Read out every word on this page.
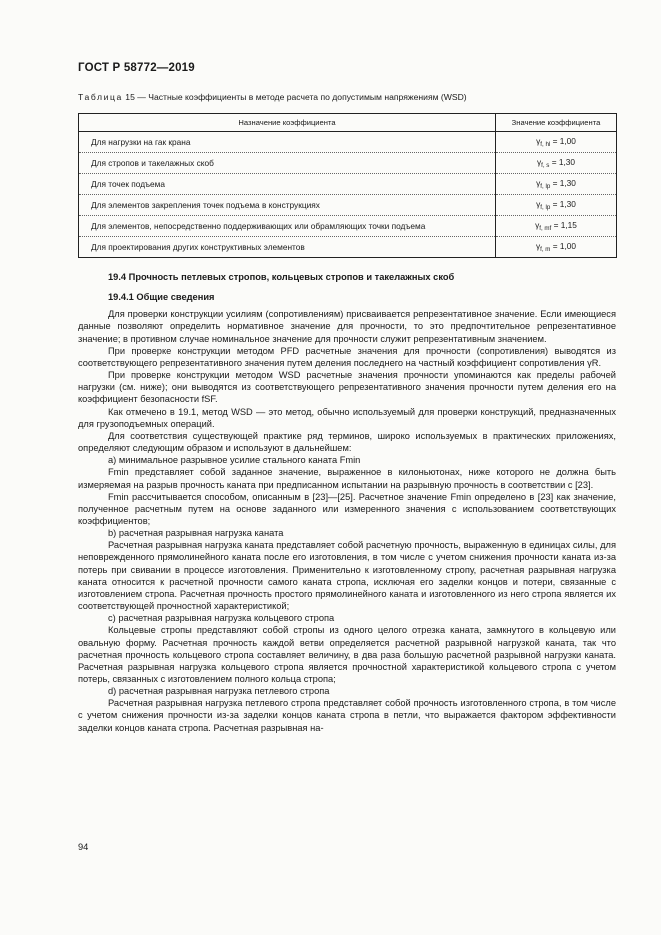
ГОСТ Р 58772—2019
Таблица 15 — Частные коэффициенты в методе расчета по допустимым напряжениям (WSD)
Назначение коэффициента	Значение коэффициента
Для нагрузки на гак крана	$\gamma_{f, hl} = 1,00$
Для стропов и такелажных скоб	$\gamma_{f, s} = 1,30$
Для точек подъема	$\gamma_{f, lp} = 1,30$
Для элементов закрепления точек подъема в конструкциях	$\gamma_{f, lp} = 1,30$
Для элементов, непосредственно поддерживающих или обрамляющих точки подъема	$\gamma_{f, mf} = 1,15$
Для проектирования других конструктивных элементов	$\gamma_{f, m} = 1,00$

19.4 Прочность петлевых стропов, кольцевых стропов и такелажных скоб

19.4.1 Общие сведения

Для проверки конструкции усилиям (сопротивлениям) присваивается репрезентативное значение. Если имеющиеся данные позволяют определить нормативное значение для прочности, то это предпочтительное репрезентативное значение; в противном случае номинальное значение для прочности служит репрезентативным значением.

При проверке конструкции методом PFD расчетные значения для прочности (сопротивления) выводятся из соответствующего репрезентативного значения путем деления последнего на частный коэффициент сопротивления γR.

При проверке конструкции методом WSD расчетные значения прочности упоминаются как пределы рабочей нагрузки (см. ниже); они выводятся из соответствующего репрезентативного значения прочности путем деления его на коэффициент безопасности fSF.

Как отмечено в 19.1, метод WSD — это метод, обычно используемый для проверки конструкций, предназначенных для грузоподъемных операций.

Для соответствия существующей практике ряд терминов, широко используемых в практических приложениях, определяют следующим образом и используют в дальнейшем:

а) минимальное разрывное усилие стального каната Fmin

Fmin представляет собой заданное значение, выраженное в килоньютонах, ниже которого не должна быть измеряемая на разрыв прочность каната при предписанном испытании на разрывную прочность в соответствии с [23].

Fmin рассчитывается способом, описанным в [23]—[25]. Расчетное значение Fmin определено в [23] как значение, полученное расчетным путем на основе заданного или измеренного значения с использованием соответствующих коэффициентов;

b) расчетная разрывная нагрузка каната

Расчетная разрывная нагрузка каната представляет собой расчетную прочность, выраженную в единицах силы, для неповрежденного прямолинейного каната после его изготовления, в том числе с учетом снижения прочности каната из-за потерь при свивании в процессе изготовления. Применительно к изготовленному стропу, расчетная разрывная нагрузка каната относится к расчетной прочности самого каната стропа, исключая его заделки концов и потери, связанные с изготовлением стропа. Расчетная прочность простого прямолинейного каната и изготовленного из него стропа является их соответствующей прочностной характеристикой;

с) расчетная разрывная нагрузка кольцевого стропа

Кольцевые стропы представляют собой стропы из одного целого отрезка каната, замкнутого в кольцевую или овальную форму. Расчетная прочность каждой ветви определяется расчетной разрывной нагрузкой каната, так что расчетная прочность кольцевого стропа составляет величину, в два раза большую расчетной разрывной нагрузки каната. Расчетная разрывная нагрузка кольцевого стропа является прочностной характеристикой кольцевого стропа с учетом потерь, связанных с изготовлением полного кольца стропа;

d) расчетная разрывная нагрузка петлевого стропа

Расчетная разрывная нагрузка петлевого стропа представляет собой прочность изготовленного стропа, в том числе с учетом снижения прочности из-за заделки концов каната стропа в петли, что выражается фактором эффективности заделки концов каната стропа. Расчетная разрывная на-

94
